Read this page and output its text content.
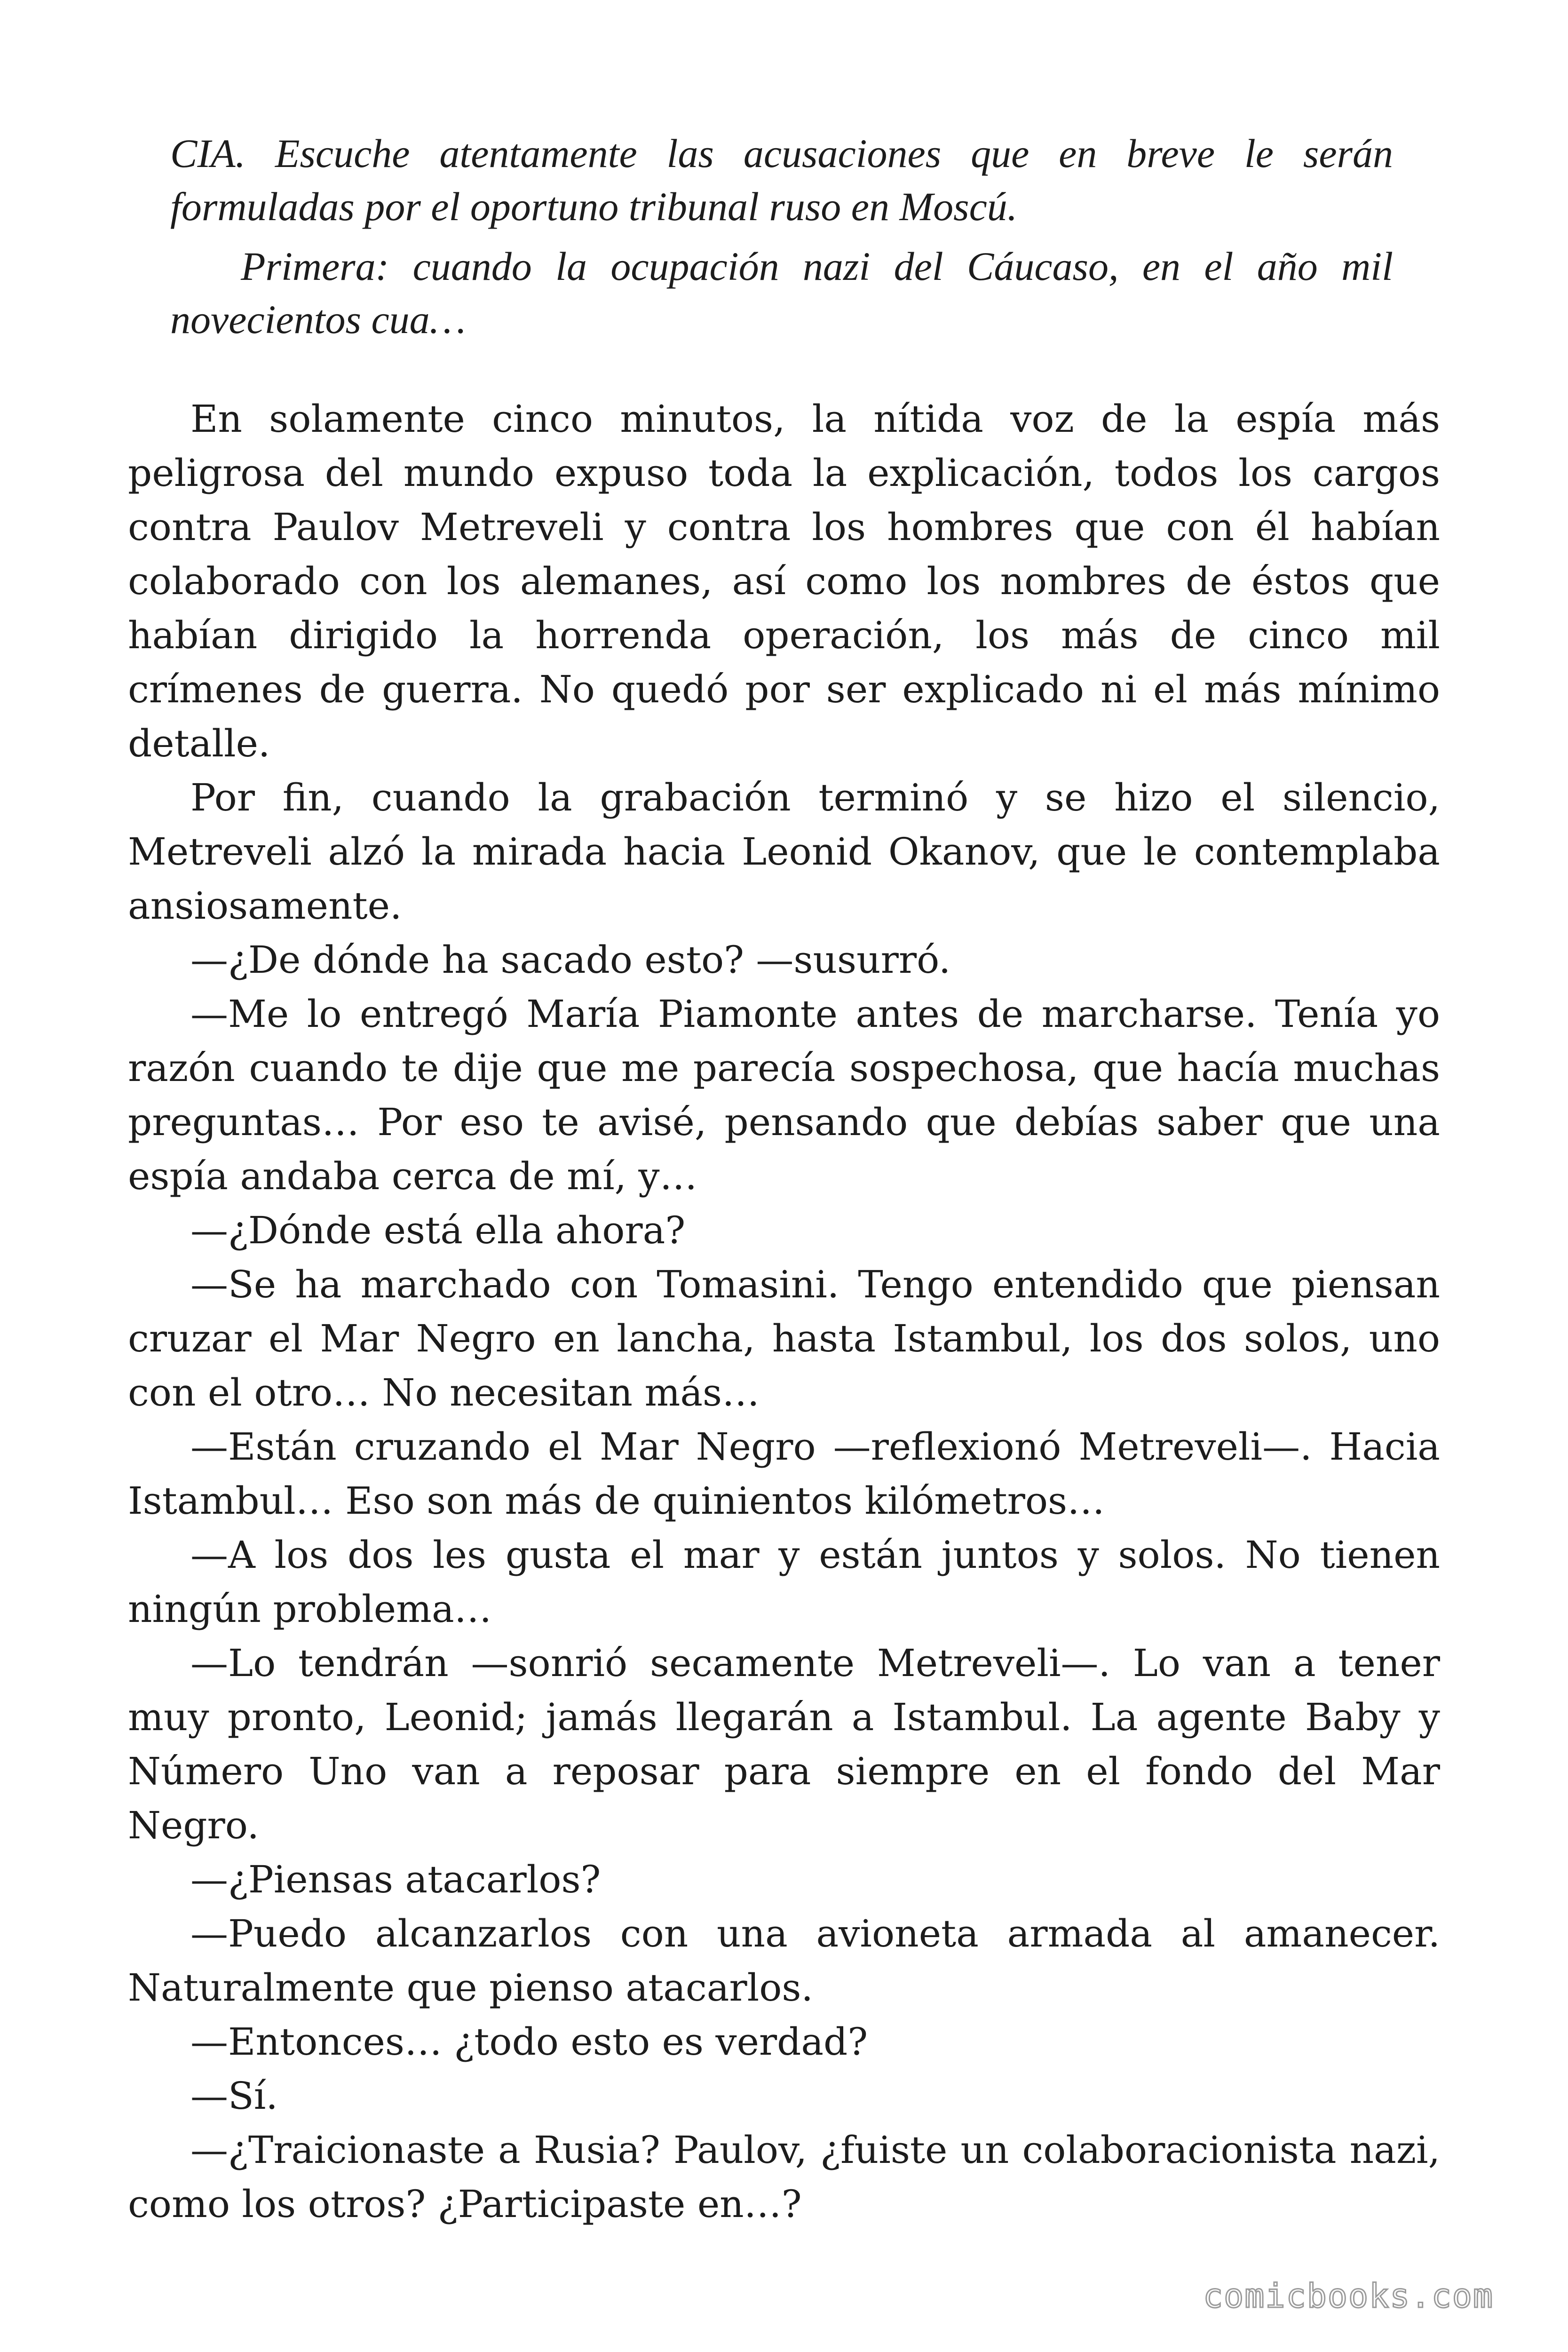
CIA. Escuche atentamente las acusaciones que en breve le serán formuladas por el oportuno tribunal ruso en Moscú.

Primera: cuando la ocupación nazi del Cáucaso, en el año mil novecientos cua…

En solamente cinco minutos, la nítida voz de la espía más peligrosa del mundo expuso toda la explicación, todos los cargos contra Paulov Metreveli y contra los hombres que con él habían colaborado con los alemanes, así como los nombres de éstos que habían dirigido la horrenda operación, los más de cinco mil crímenes de guerra. No quedó por ser explicado ni el más mínimo detalle.

Por fin, cuando la grabación terminó y se hizo el silencio, Metreveli alzó la mirada hacia Leonid Okanov, que le contemplaba ansiosamente.

—¿De dónde ha sacado esto? —susurró.

—Me lo entregó María Piamonte antes de marcharse. Tenía yo razón cuando te dije que me parecía sospechosa, que hacía muchas preguntas… Por eso te avisé, pensando que debías saber que una espía andaba cerca de mí, y…

—¿Dónde está ella ahora?

—Se ha marchado con Tomasini. Tengo entendido que piensan cruzar el Mar Negro en lancha, hasta Istambul, los dos solos, uno con el otro… No necesitan más…

—Están cruzando el Mar Negro —reflexionó Metreveli—. Hacia Istambul… Eso son más de quinientos kilómetros…

—A los dos les gusta el mar y están juntos y solos. No tienen ningún problema…

—Lo tendrán —sonrió secamente Metreveli—. Lo van a tener muy pronto, Leonid; jamás llegarán a Istambul. La agente Baby y Número Uno van a reposar para siempre en el fondo del Mar Negro.

—¿Piensas atacarlos?

—Puedo alcanzarlos con una avioneta armada al amanecer. Naturalmente que pienso atacarlos.

—Entonces… ¿todo esto es verdad?

—Sí.

—¿Traicionaste a Rusia? Paulov, ¿fuiste un colaboracionista nazi, como los otros? ¿Participaste en…?

comicbooks.com
